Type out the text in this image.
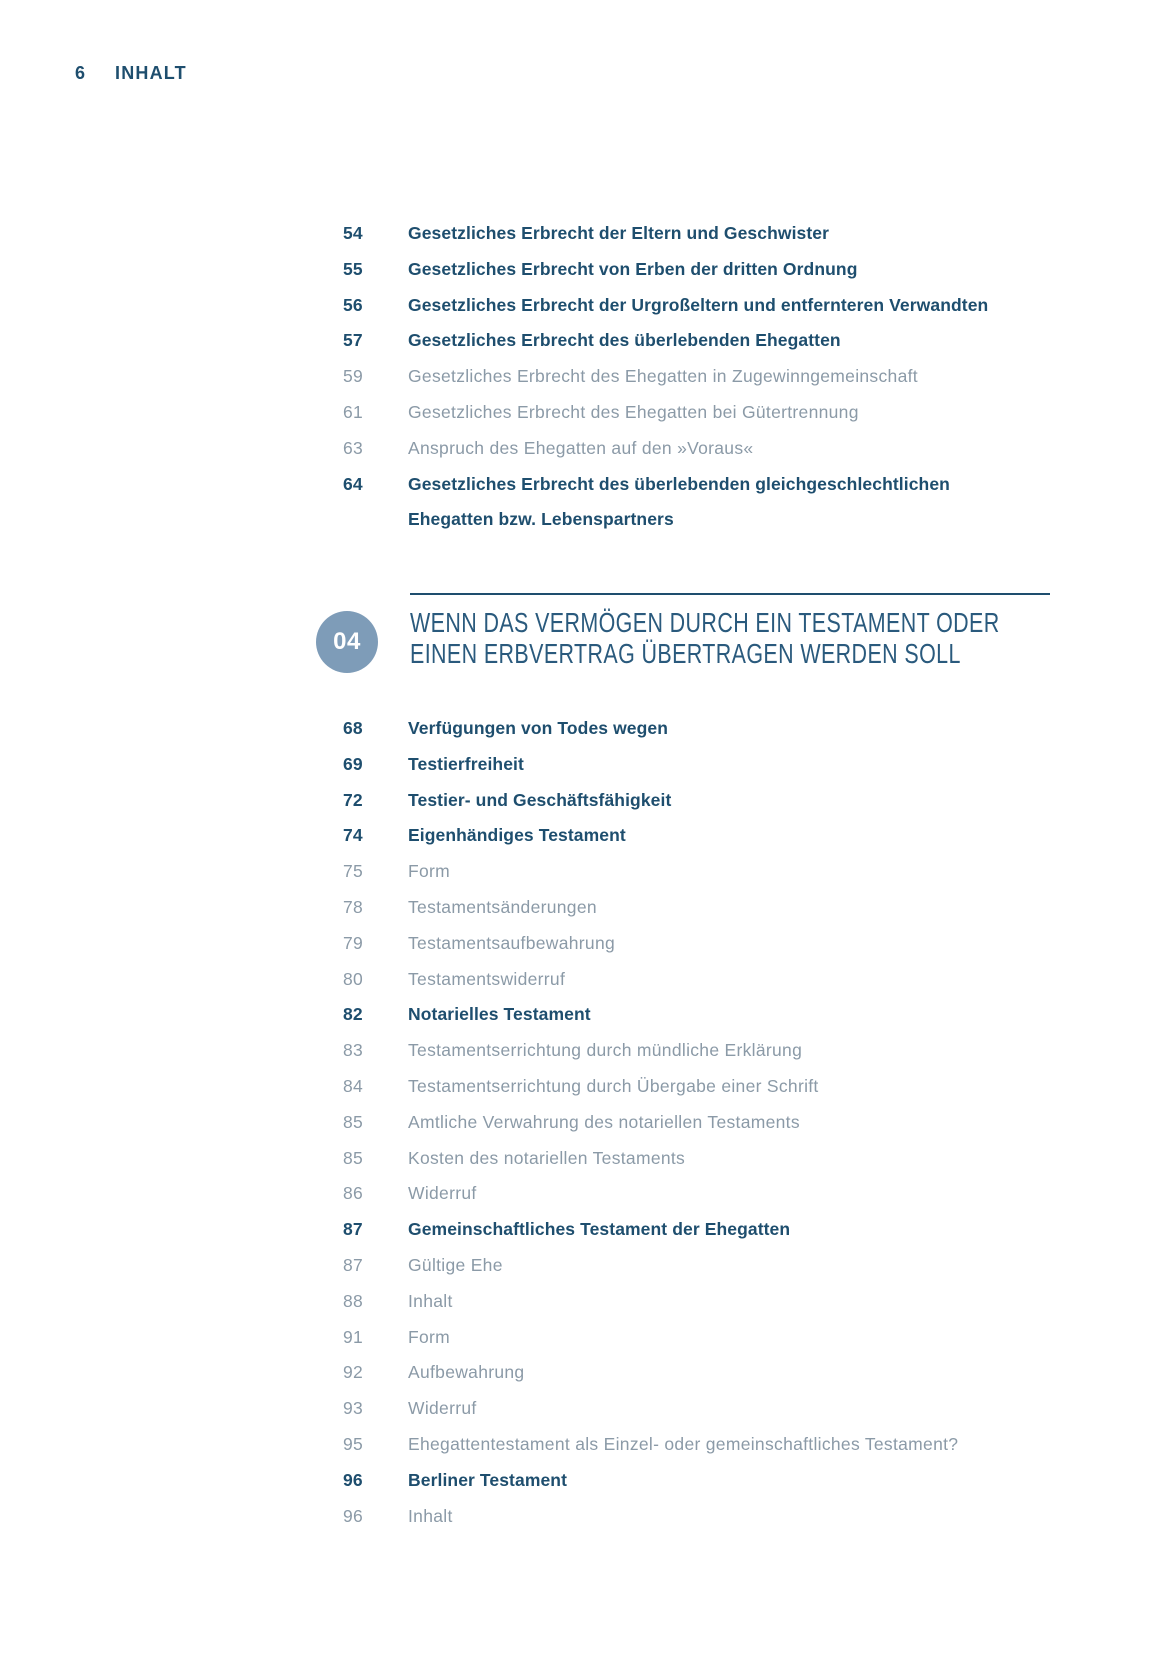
6	INHALT
54	Gesetzliches Erbrecht der Eltern und Geschwister
55	Gesetzliches Erbrecht von Erben der dritten Ordnung
56	Gesetzliches Erbrecht der Urgroßeltern und entfernteren Verwandten
57	Gesetzliches Erbrecht des überlebenden Ehegatten
59	Gesetzliches Erbrecht des Ehegatten in Zugewinngemeinschaft
61	Gesetzliches Erbrecht des Ehegatten bei Gütertrennung
63	Anspruch des Ehegatten auf den »Voraus«
64	Gesetzliches Erbrecht des überlebenden gleichgeschlechtlichen
Ehegatten bzw. Lebenspartners
04
WENN DAS VERMÖGEN DURCH EIN TESTAMENT ODER
EINEN ERBVERTRAG ÜBERTRAGEN WERDEN SOLL
68	Verfügungen von Todes wegen
69	Testierfreiheit
72	Testier- und Geschäftsfähigkeit
74	Eigenhändiges Testament
75	Form
78	Testamentsänderungen
79	Testamentsaufbewahrung
80	Testamentswiderruf
82	Notarielles Testament
83	Testamentserrichtung durch mündliche Erklärung
84	Testamentserrichtung durch Übergabe einer Schrift
85	Amtliche Verwahrung des notariellen Testaments
85	Kosten des notariellen Testaments
86	Widerruf
87	Gemeinschaftliches Testament der Ehegatten
87	Gültige Ehe
88	Inhalt
91	Form
92	Aufbewahrung
93	Widerruf
95	Ehegattentestament als Einzel- oder gemeinschaftliches Testament?
96	Berliner Testament
96	Inhalt
